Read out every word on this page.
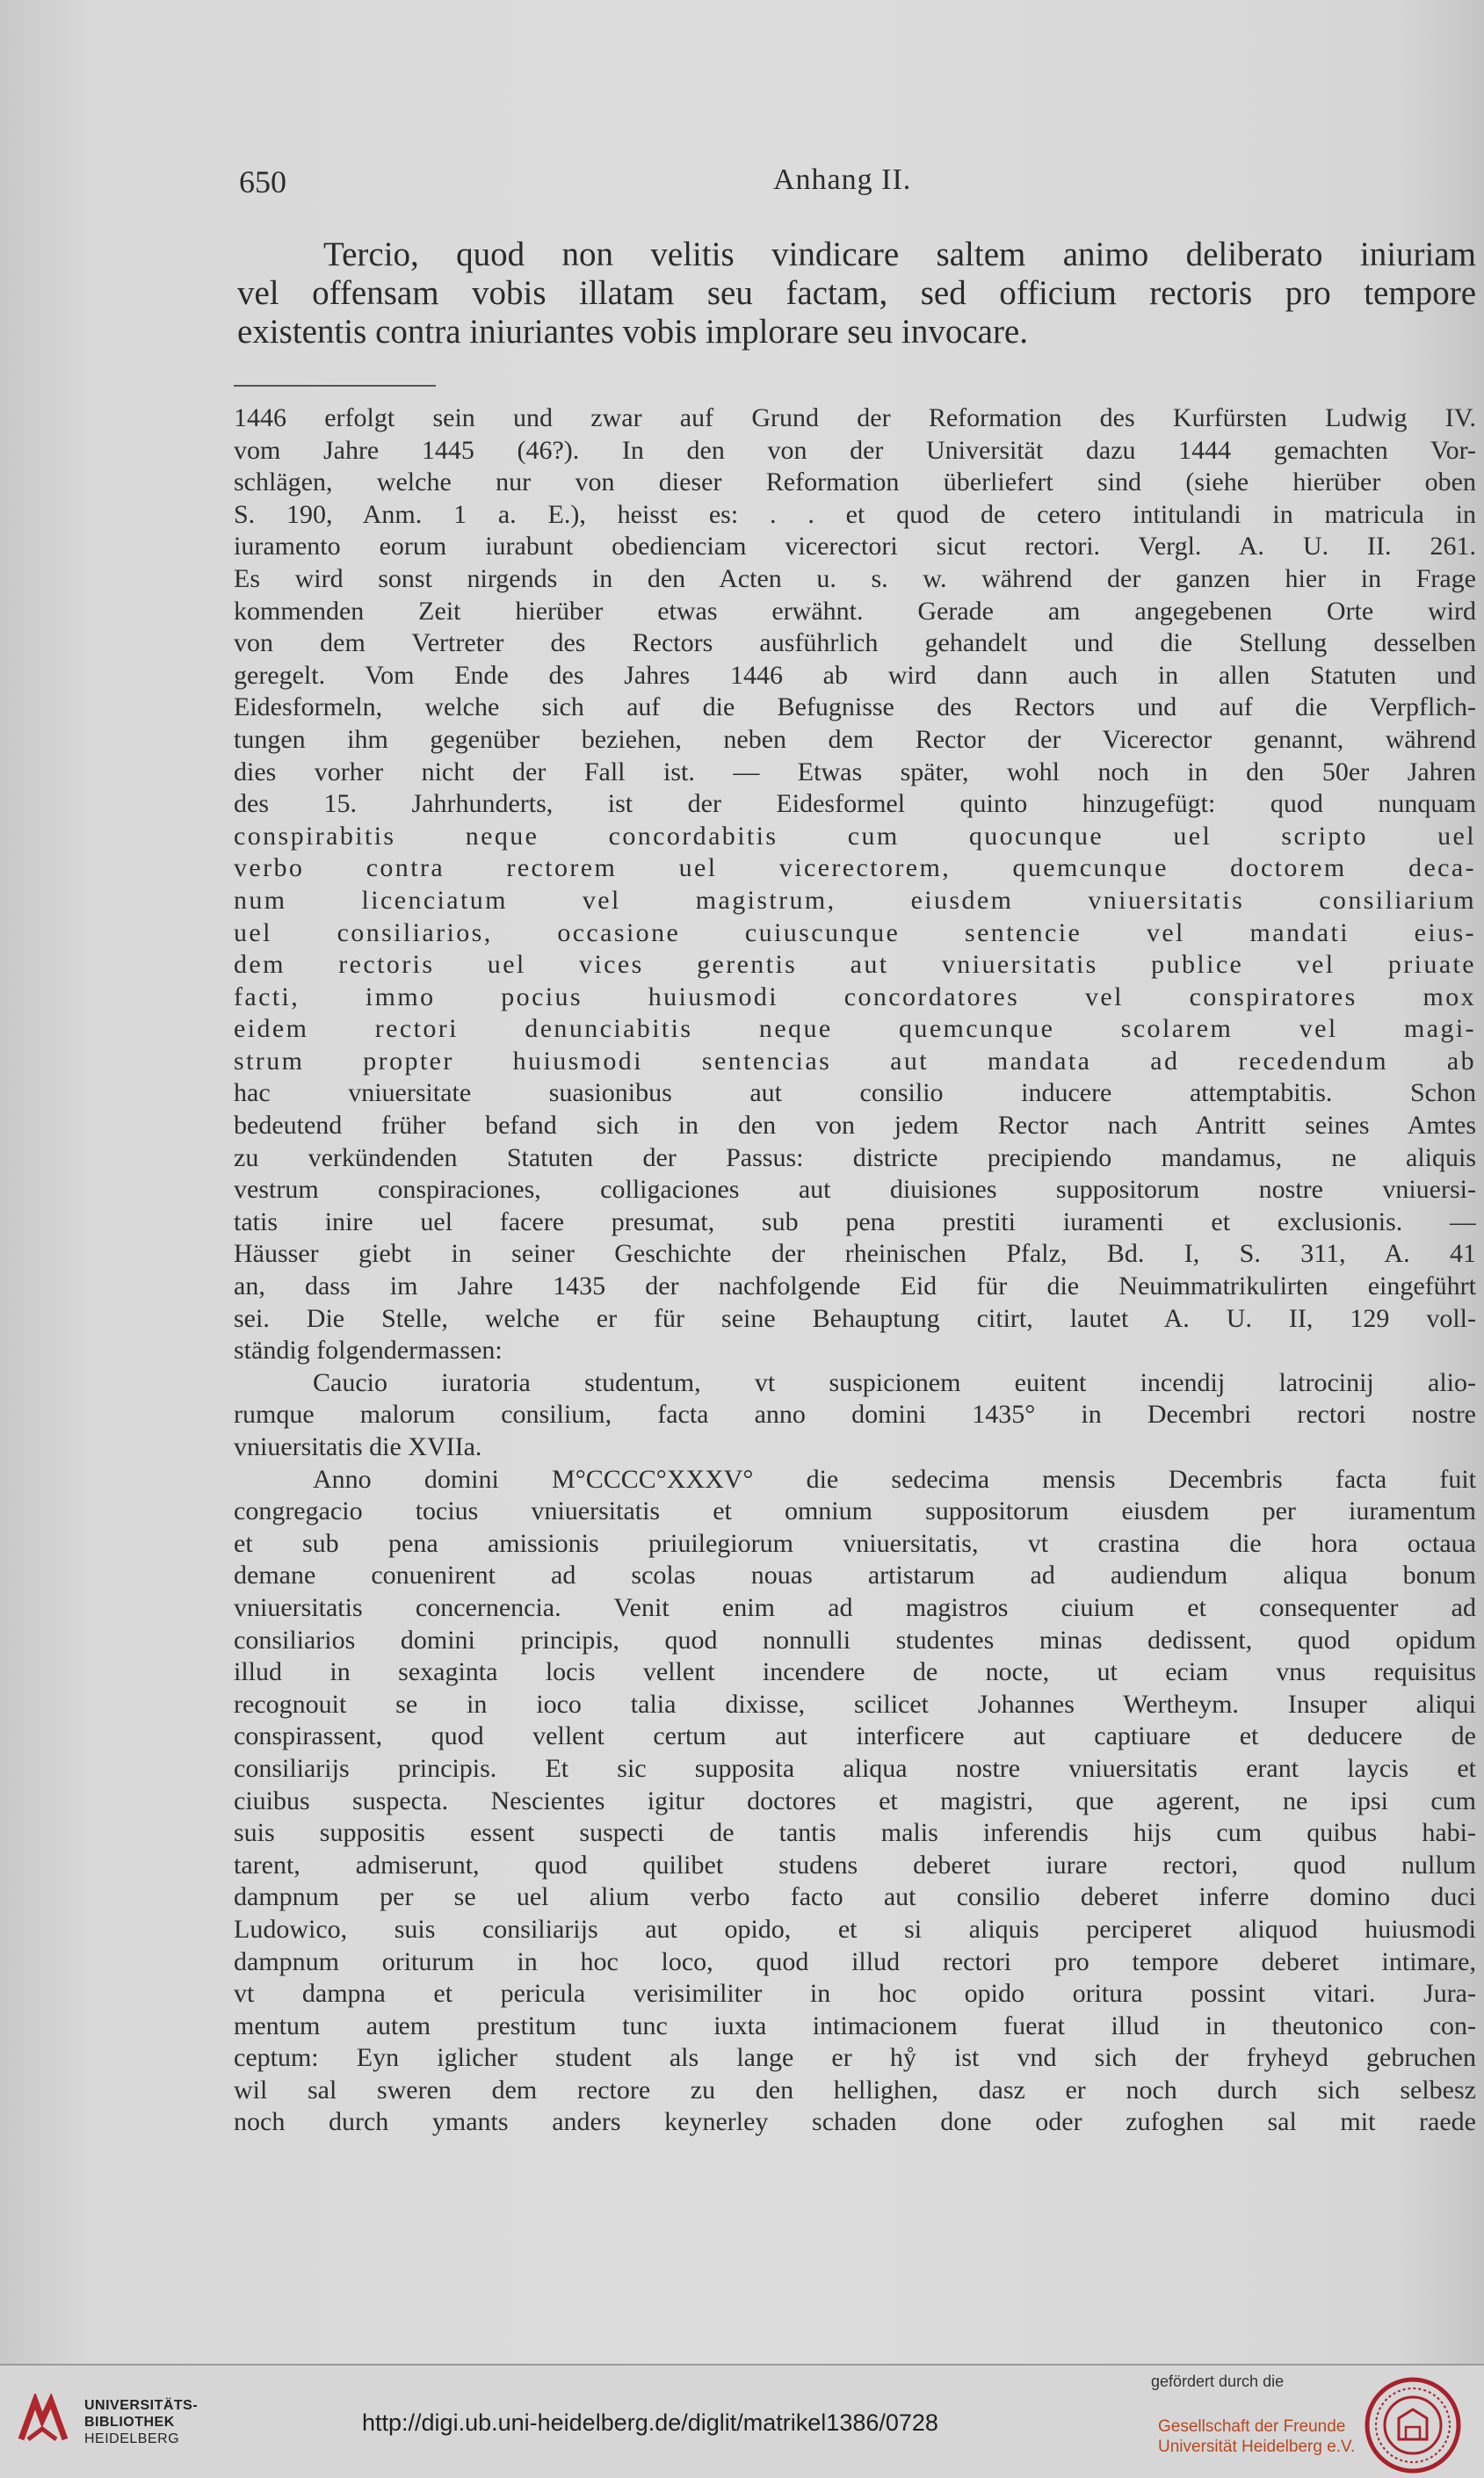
650	Anhang II.
Tercio, quod non velitis vindicare saltem animo deliberato iniuriam
vel offensam vobis illatam seu factam, sed officium rectoris pro tempore
existentis contra iniuriantes vobis implorare seu invocare.
1446 erfolgt sein und zwar auf Grund der Reformation des Kurfürsten Ludwig IV.
vom Jahre 1445 (46?). In den von der Universität dazu 1444 gemachten Vor-
schlägen, welche nur von dieser Reformation überliefert sind (siehe hierüber oben
S. 190, Anm. 1 a. E.), heisst es: . . et quod de cetero intitulandi in matricula in
iuramento eorum iurabunt obedienciam vicerectori sicut rectori. Vergl. A. U. II. 261.
Es wird sonst nirgends in den Acten u. s. w. während der ganzen hier in Frage
kommenden Zeit hierüber etwas erwähnt. Gerade am angegebenen Orte wird
von dem Vertreter des Rectors ausführlich gehandelt und die Stellung desselben
geregelt. Vom Ende des Jahres 1446 ab wird dann auch in allen Statuten und
Eidesformeln, welche sich auf die Befugnisse des Rectors und auf die Verpflich-
tungen ihm gegenüber beziehen, neben dem Rector der Vicerector genannt, während
dies vorher nicht der Fall ist. — Etwas später, wohl noch in den 50er Jahren
des 15. Jahrhunderts, ist der Eidesformel quinto hinzugefügt: quod nunquam
conspirabitis neque concordabitis cum quocunque uel scripto uel
verbo contra rectorem uel vicerectorem, quemcunque doctorem deca-
num licenciatum vel magistrum, eiusdem vniuersitatis consiliarium
uel consiliarios, occasione cuiuscunque sentencie vel mandati eius-
dem rectoris uel vices gerentis aut vniuersitatis publice vel priuate
facti, immo pocius huiusmodi concordatores vel conspiratores mox
eidem rectori denunciabitis neque quemcunque scolarem vel magi-
strum propter huiusmodi sentencias aut mandata ad recedendum ab
hac vniuersitate suasionibus aut consilio inducere attemptabitis. Schon
bedeutend früher befand sich in den von jedem Rector nach Antritt seines Amtes
zu verkündenden Statuten der Passus: districte precipiendo mandamus, ne aliquis
vestrum conspiraciones, colligaciones aut diuisiones suppositorum nostre vniuersi-
tatis inire uel facere presumat, sub pena prestiti iuramenti et exclusionis. —
Häusser giebt in seiner Geschichte der rheinischen Pfalz, Bd. I, S. 311, A. 41
an, dass im Jahre 1435 der nachfolgende Eid für die Neuimmatrikulirten eingeführt
sei. Die Stelle, welche er für seine Behauptung citirt, lautet A. U. II, 129 voll-
ständig folgendermassen:
Caucio iuratoria studentum, vt suspicionem euitent incendij latrocinij alio-
rumque malorum consilium, facta anno domini 1435° in Decembri rectori nostre
vniuersitatis die XVIIa.
Anno domini M°CCCC°XXXV° die sedecima mensis Decembris facta fuit
congregacio tocius vniuersitatis et omnium suppositorum eiusdem per iuramentum
et sub pena amissionis priuilegiorum vniuersitatis, vt crastina die hora octaua
demane conuenirent ad scolas nouas artistarum ad audiendum aliqua bonum
vniuersitatis concernencia. Venit enim ad magistros ciuium et consequenter ad
consiliarios domini principis, quod nonnulli studentes minas dedissent, quod opidum
illud in sexaginta locis vellent incendere de nocte, ut eciam vnus requisitus
recognouit se in ioco talia dixisse, scilicet Johannes Wertheym. Insuper aliqui
conspirassent, quod vellent certum aut interficere aut captiuare et deducere de
consiliarijs principis. Et sic supposita aliqua nostre vniuersitatis erant laycis et
ciuibus suspecta. Nescientes igitur doctores et magistri, que agerent, ne ipsi cum
suis suppositis essent suspecti de tantis malis inferendis hijs cum quibus habi-
tarent, admiserunt, quod quilibet studens deberet iurare rectori, quod nullum
dampnum per se uel alium verbo facto aut consilio deberet inferre domino duci
Ludowico, suis consiliarijs aut opido, et si aliquis perciperet aliquod huiusmodi
dampnum oriturum in hoc loco, quod illud rectori pro tempore deberet intimare,
vt dampna et pericula verisimiliter in hoc opido oritura possint vitari. Jura-
mentum autem prestitum tunc iuxta intimacionem fuerat illud in theutonico con-
ceptum: Eyn iglicher student als lange er hẙ ist vnd sich der fryheyd gebruchen
wil sal sweren dem rectore zu den hellighen, dasz er noch durch sich selbesz
noch durch ymants anders keynerley schaden done oder zufoghen sal mit raede
UNIVERSITÄTS-
BIBLIOTHEK
HEIDELBERG
http://digi.ub.uni-heidelberg.de/diglit/matrikel1386/0728
gefördert durch die
Gesellschaft der Freunde
Universität Heidelberg e.V.
